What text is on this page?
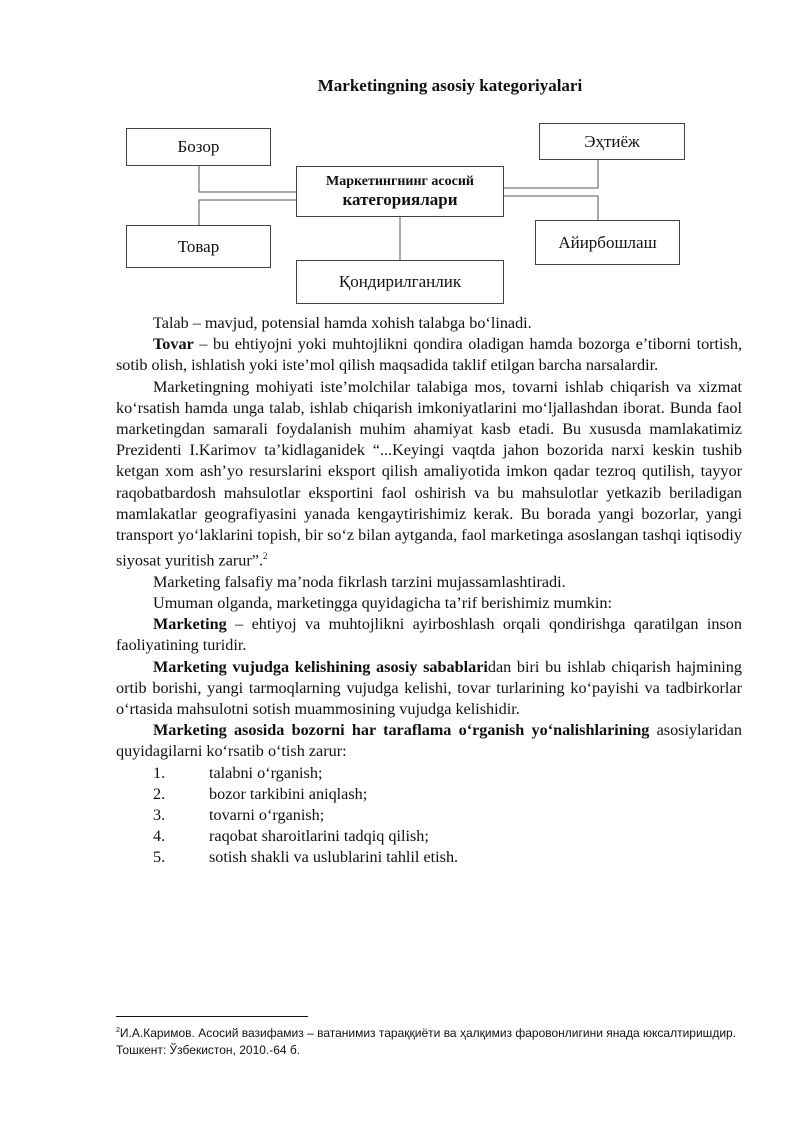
Marketingning asosiy kategoriyalari
Бозор	Эҳтиёж
Маркетингнинг асосий
категориялари
Товар	Айирбошлаш
Қондирилганлик

Talab – mavjud, potensial hamda xohish talabga bo‘linadi.

Tovar – bu ehtiyojni yoki muhtojlikni qondira oladigan hamda bozorga e’tiborni tortish, sotib olish, ishlatish yoki iste’mol qilish maqsadida taklif etilgan barcha narsalardir.

Marketingning mohiyati iste’molchilar talabiga mos, tovarni ishlab chiqarish va xizmat ko‘rsatish hamda unga talab, ishlab chiqarish imkoniyatlarini mo‘ljallashdan iborat. Bunda faol marketingdan samarali foydalanish muhim ahamiyat kasb etadi. Bu xususda mamlakatimiz Prezidenti I.Karimov ta’kidlaganidek “...Keyingi vaqtda jahon bozorida narxi keskin tushib ketgan xom ash’yo resurslarini eksport qilish amaliyotida imkon qadar tezroq qutilish, tayyor raqobatbardosh mahsulotlar eksportini faol oshirish va bu mahsulotlar yetkazib beriladigan mamlakatlar geografiyasini yanada kengaytirishimiz kerak. Bu borada yangi bozorlar, yangi transport yo‘laklarini topish, bir so‘z bilan aytganda, faol marketinga asoslangan tashqi iqtisodiy siyosat yuritish zarur”.$^2$

Marketing falsafiy ma’noda fikrlash tarzini mujassamlashtiradi.

Umuman olganda, marketingga quyidagicha ta’rif berishimiz mumkin:

Marketing – ehtiyoj va muhtojlikni ayirboshlash orqali qondirishga qaratilgan inson faoliyatining turidir.

Marketing vujudga kelishining asosiy sabablaridan biri bu ishlab chiqarish hajmining ortib borishi, yangi tarmoqlarning vujudga kelishi, tovar turlarining ko‘payishi va tadbirkorlar o‘rtasida mahsulotni sotish muammosining vujudga kelishidir.

Marketing asosida bozorni har taraflama o‘rganish yo‘nalishlarining asosiylaridan quyidagilarni ko‘rsatib o‘tish zarur:

1.	talabni o‘rganish;
2.	bozor tarkibini aniqlash;
3.	tovarni o‘rganish;
4.	raqobat sharoitlarini tadqiq qilish;
5.	sotish shakli va uslublarini tahlil etish.
$^2$И.А.Каримов. Асосий вазифамиз – ватанимиз тараққиёти ва ҳалқимиз фаровонлигини янада юксалтиришдир. Тошкент: Ўзбекистон, 2010.-64 б.
